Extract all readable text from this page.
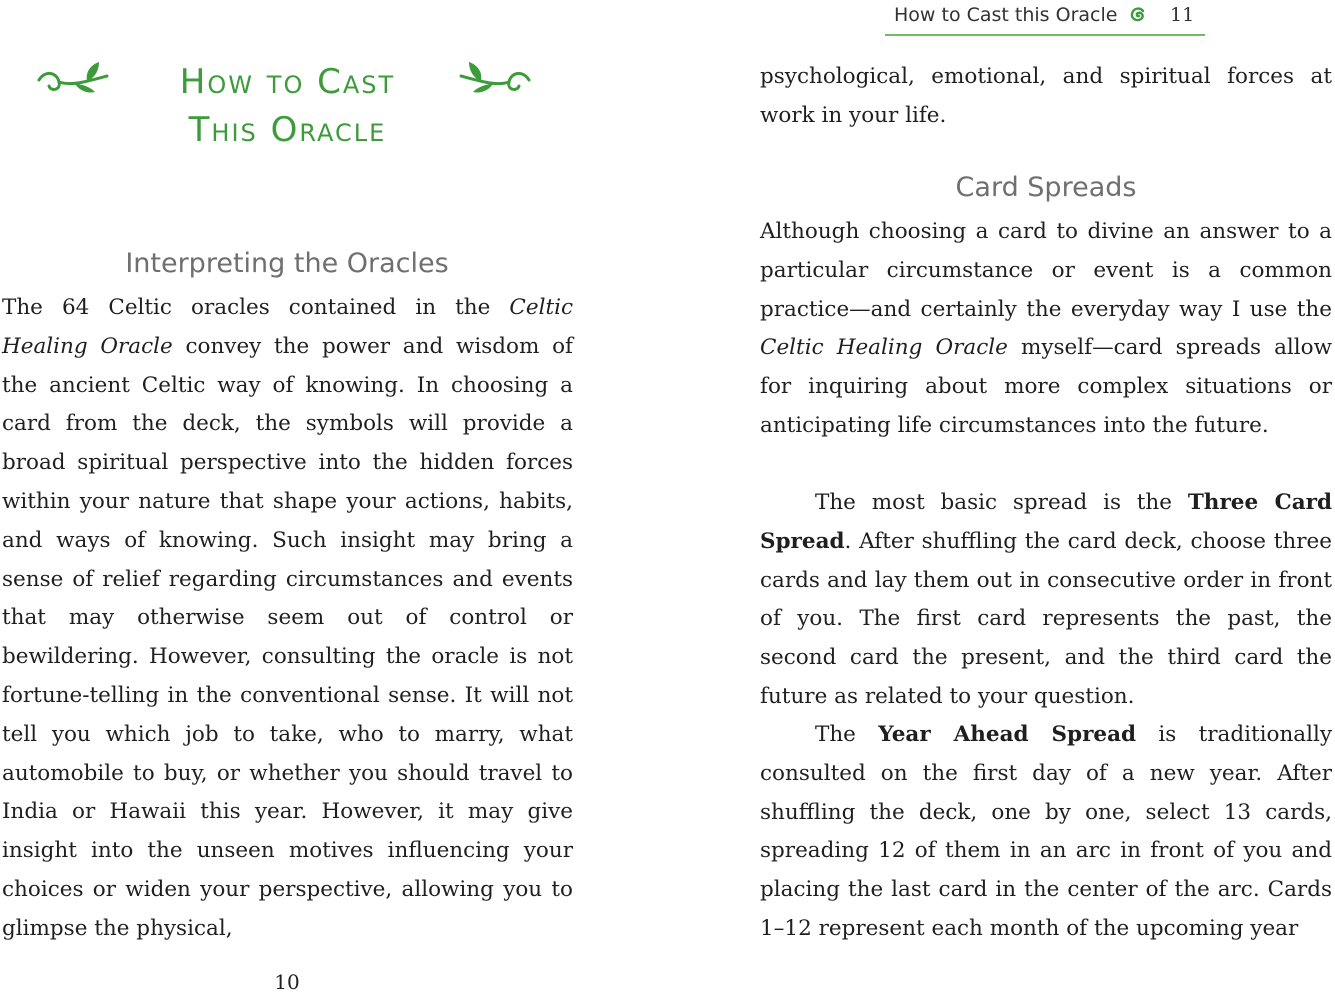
How to Cast
This Oracle
Interpreting the Oracles

The 64 Celtic oracles contained in the Celtic Healing Oracle convey the power and wisdom of the ancient Celtic way of knowing. In choosing a card from the deck, the symbols will provide a broad spiritual perspective into the hidden forces within your nature that shape your actions, habits, and ways of knowing. Such insight may bring a sense of relief regarding circumstances and events that may otherwise seem out of control or bewildering. However, consulting the oracle is not fortune-telling in the conventional sense. It will not tell you which job to take, who to marry, what automobile to buy, or whether you should travel to India or Hawaii this year. However, it may give insight into the unseen motives influencing your choices or widen your perspective, allowing you to glimpse the physical,

10
How to Cast this Oracle	11

psychological, emotional, and spiritual forces at work in your life.

Card Spreads

Although choosing a card to divine an answer to a particular circumstance or event is a common practice—and certainly the everyday way I use the Celtic Healing Oracle myself—card spreads allow for inquiring about more complex situations or anticipating life circumstances into the future.

The most basic spread is the Three Card Spread. After shuffling the card deck, choose three cards and lay them out in consecutive order in front of you. The first card represents the past, the second card the present, and the third card the future as related to your question.

The Year Ahead Spread is traditionally consulted on the first day of a new year. After shuffling the deck, one by one, select 13 cards, spreading 12 of them in an arc in front of you and placing the last card in the center of the arc. Cards 1–12 represent each month of the upcoming year
